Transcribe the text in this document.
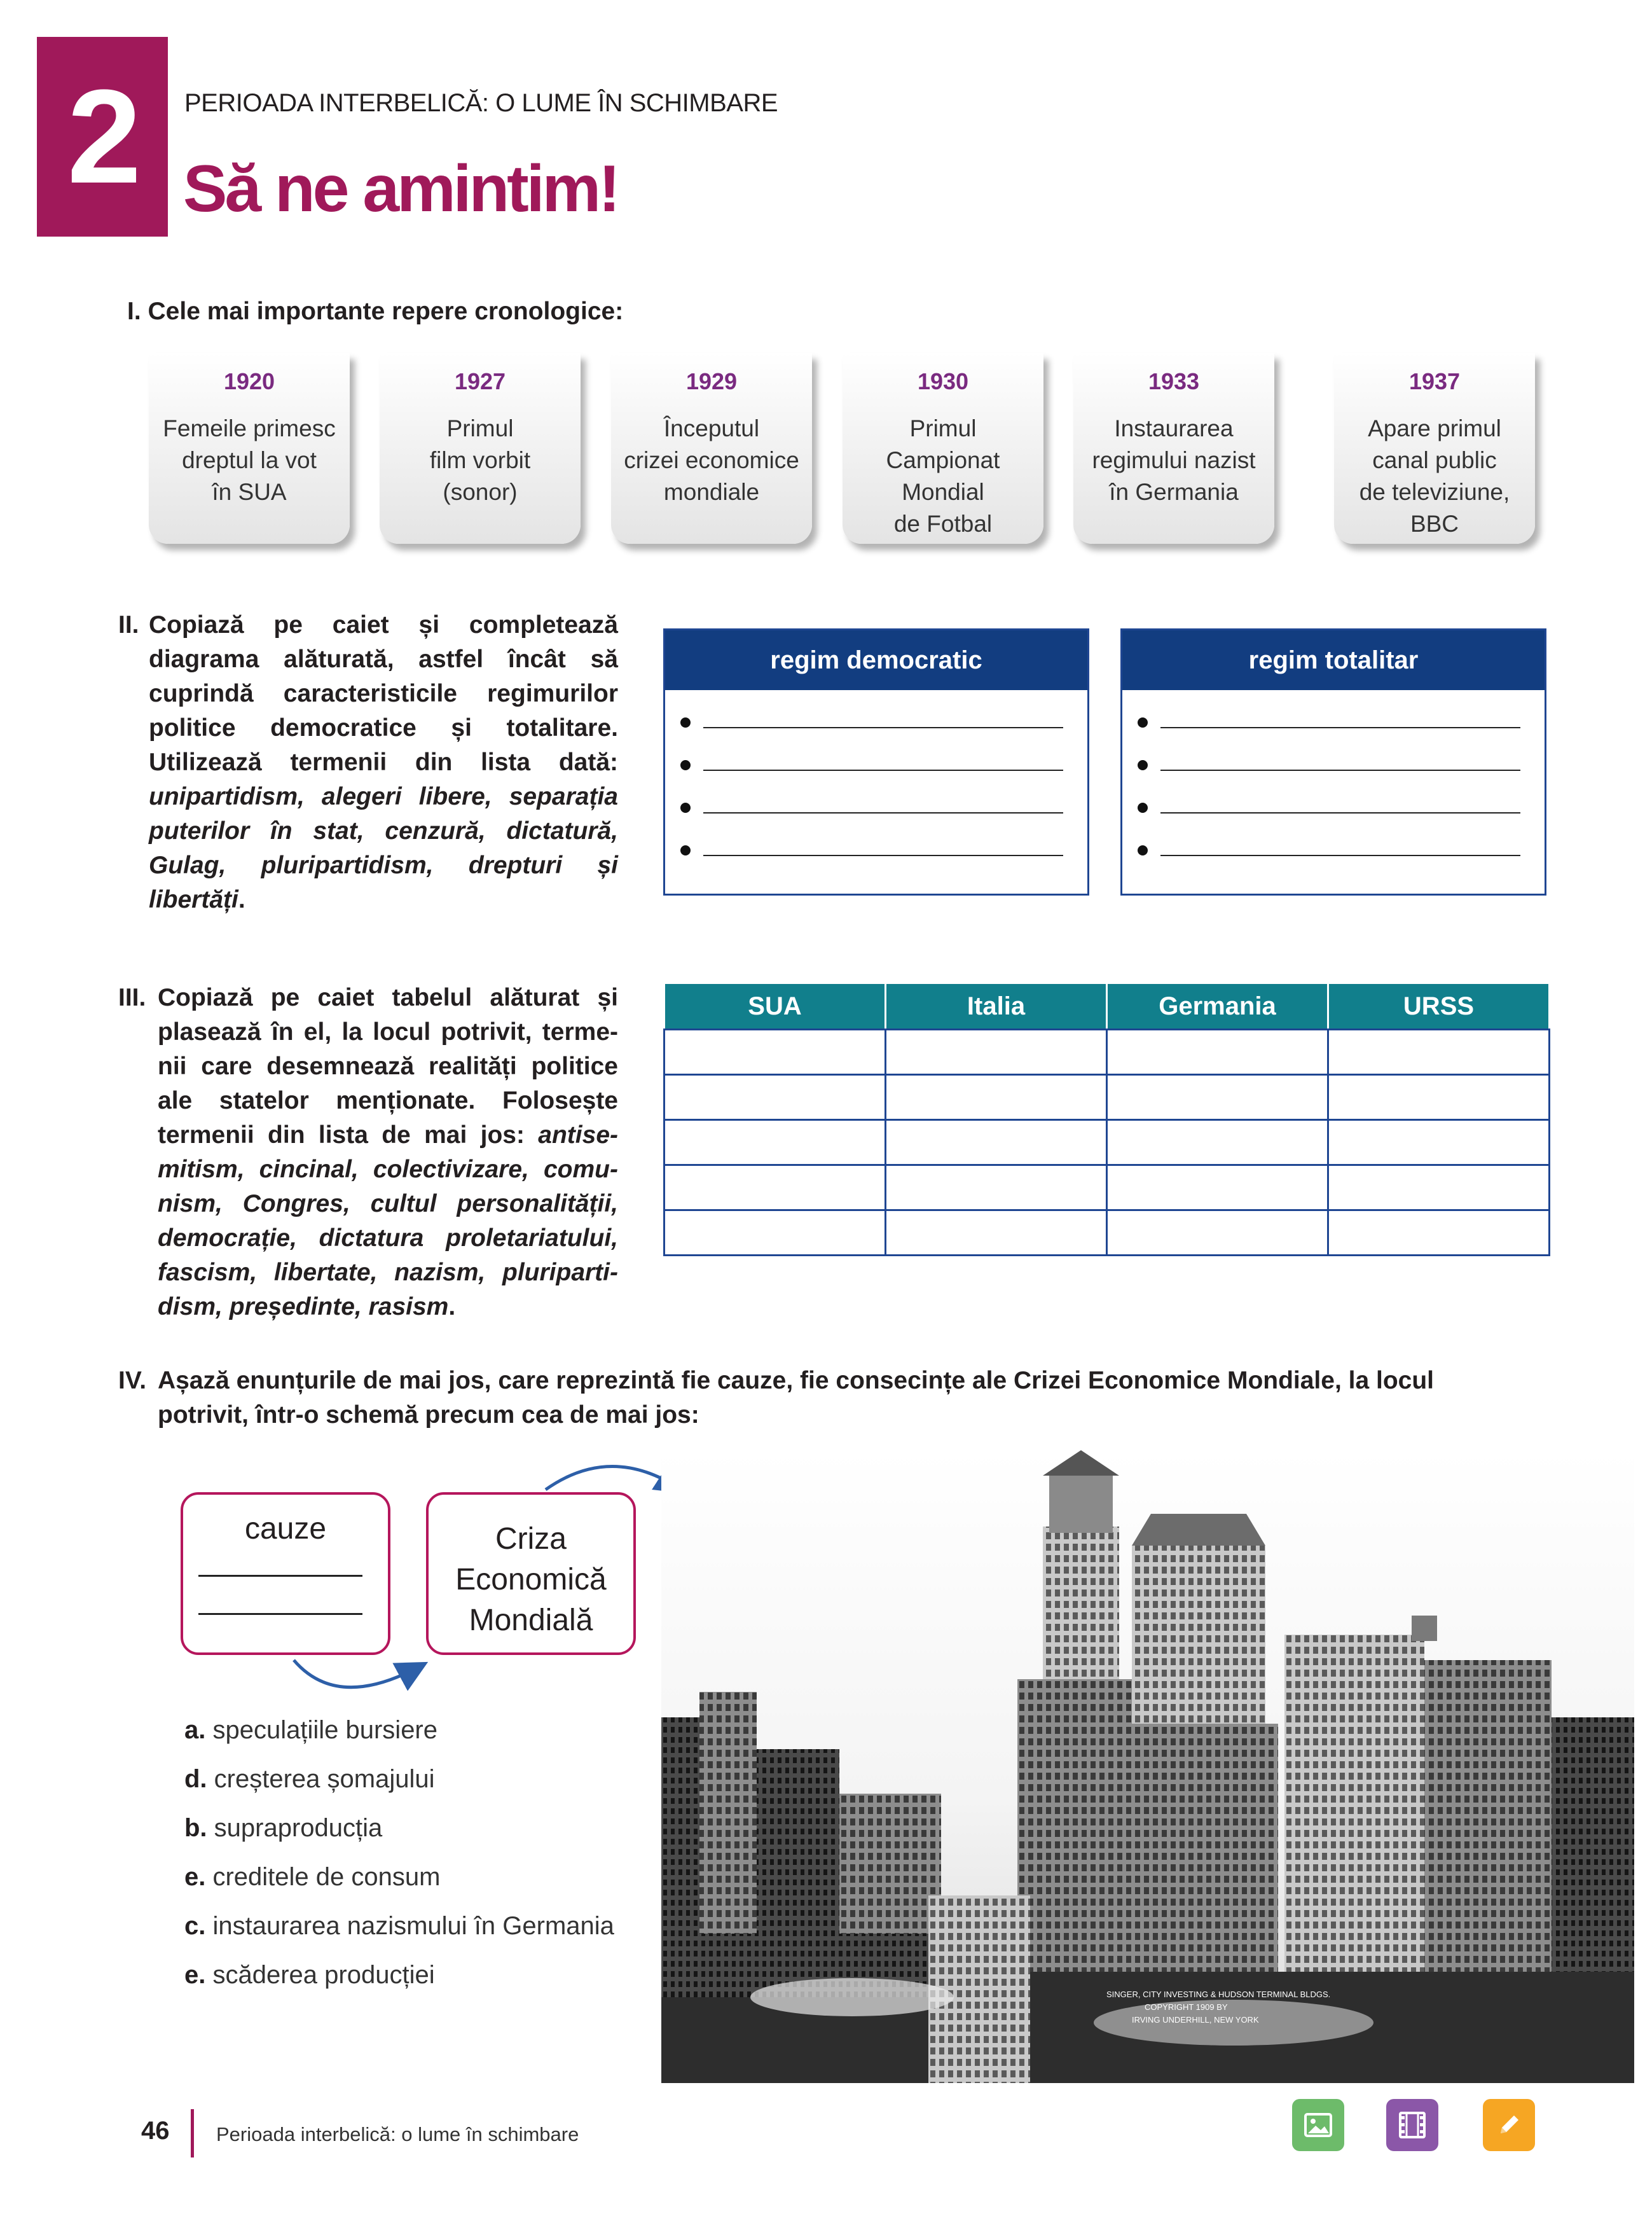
2	PERIOADA INTERBELICĂ: O LUME ÎN SCHIMBARE
Să ne amintim!
I. Cele mai importante repere cronologice:
1920
Femeile primesc
dreptul la vot
în SUA
1927
Primul
film vorbit
(sonor)
1929
Începutul
crizei economice
mondiale
1930
Primul
Campionat
Mondial
de Fotbal
1933
Instaurarea
regimului nazist
în Germania
1937
Apare primul
canal public
de televiziune,
BBC
II. Copiază pe caiet și completează
diagrama alăturată, astfel încât să
cuprindă caracteristicile regimurilor
politice democratice și totalitare.
Utilizează termenii din lista dată:
unipartidism, alegeri libere, separația
puterilor în stat, cenzură, dictatură,
Gulag, pluripartidism, drepturi și
libertăți.
regim democratic	regim totalitar
III. Copiază pe caiet tabelul alăturat și
plasează în el, la locul potrivit, terme-
nii care desemnează realități politice
ale statelor menționate. Folosește
termenii din lista de mai jos: antise-
mitism, cincinal, colectivizare, comu-
nism, Congres, cultul personalității,
democrație, dictatura proletariatului,
fascism, libertate, nazism, pluriparti-
dism, președinte, rasism.
SUA	Italia	Germania	URSS

IV. Așază enunțurile de mai jos, care reprezintă fie cauze, fie consecințe ale Crizei Economice Mondiale, la locul
potrivit, într-o schemă precum cea de mai jos:
cauze	Criza
Economică
Mondială
a. speculațiile bursiere
d. creșterea șomajului
b. supraproducția
e. creditele de consum
c. instaurarea nazismului în Germania
e. scăderea producției
SINGER, CITY INVESTING & HUDSON TERMINAL BLDGS.
COPYRIGHT 1909 BY
IRVING UNDERHILL, NEW YORK
46 Perioada interbelică: o lume în schimbare
